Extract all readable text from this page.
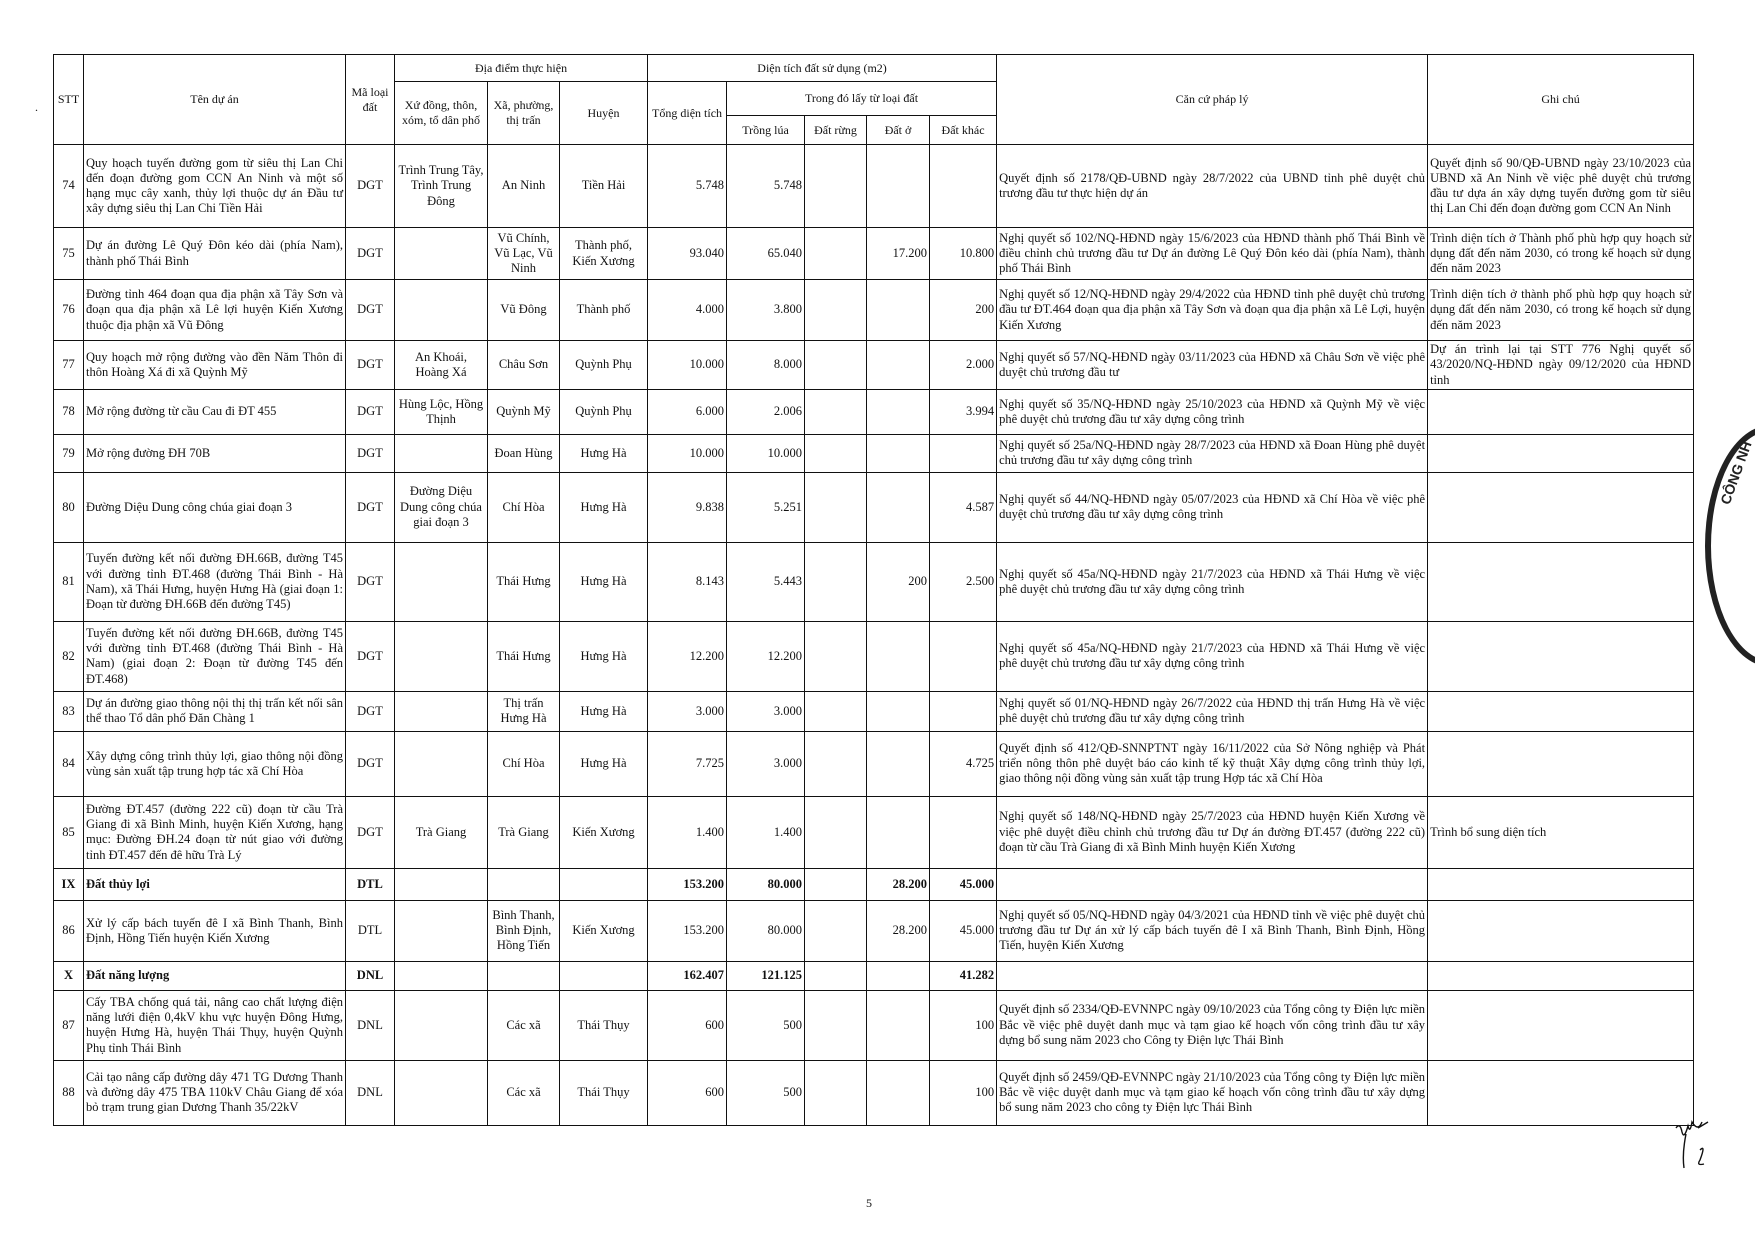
.
STT	Tên dự án	Mã loại đất	Địa điểm thực hiện			Diện tích đất sử dụng (m2)					Căn cứ pháp lý	Ghi chú
			Xứ đồng, thôn, xóm, tổ dân phố	Xã, phường, thị trấn	Huyện	Tổng diện tích	Trong đó lấy từ loại đất					
							Trồng lúa	Đất rừng	Đất ở	Đất khác		
74	Quy hoạch tuyến đường gom từ siêu thị Lan Chi đến đoạn đường gom CCN An Ninh và một số hạng mục cây xanh, thủy lợi thuộc dự án Đầu tư xây dựng siêu thị Lan Chi Tiền Hải	DGT	Trình Trung Tây, Trình Trung Đông	An Ninh	Tiền Hải	5.748	5.748				Quyết định số 2178/QĐ-UBND ngày 28/7/2022 của UBND tỉnh phê duyệt chủ trương đầu tư thực hiện dự án	Quyết định số 90/QĐ-UBND ngày 23/10/2023 của UBND xã An Ninh về việc phê duyệt chủ trương đầu tư dựa án xây dựng tuyến đường gom từ siêu thị Lan Chi đến đoạn đường gom CCN An Ninh
75	Dự án đường Lê Quý Đôn kéo dài (phía Nam), thành phố Thái Bình	DGT		Vũ Chính, Vũ Lạc, Vũ Ninh	Thành phố, Kiến Xương	93.040	65.040		17.200	10.800	Nghị quyết số 102/NQ-HĐND ngày 15/6/2023 của HĐND thành phố Thái Bình về điều chỉnh chủ trương đầu tư Dự án đường Lê Quý Đôn kéo dài (phía Nam), thành phố Thái Bình	Trình diện tích ở Thành phố phù hợp quy hoạch sử dụng đất đến năm 2030, có trong kế hoạch sử dụng đến năm 2023
76	Đường tỉnh 464 đoạn qua địa phận xã Tây Sơn và đoạn qua địa phận xã Lê lợi huyện Kiến Xương thuộc địa phận xã Vũ Đông	DGT		Vũ Đông	Thành phố	4.000	3.800			200	Nghị quyết số 12/NQ-HĐND ngày 29/4/2022 của HĐND tỉnh phê duyệt chủ trương đầu tư ĐT.464 đoạn qua địa phận xã Tây Sơn và đoạn qua địa phận xã Lê Lợi, huyện Kiến Xương	Trình diện tích ở thành phố phù hợp quy hoạch sử dụng đất đến năm 2030, có trong kế hoạch sử dụng đến năm 2023
77	Quy hoạch mở rộng đường vào đền Năm Thôn đi thôn Hoàng Xá đi xã Quỳnh Mỹ	DGT	An Khoái, Hoàng Xá	Châu Sơn	Quỳnh Phụ	10.000	8.000			2.000	Nghị quyết số 57/NQ-HĐND ngày 03/11/2023 của HĐND xã Châu Sơn về việc phê duyệt chủ trương đầu tư	Dự án trình lại tại STT 776 Nghị quyết số 43/2020/NQ-HĐND ngày 09/12/2020 của HĐND tỉnh
78	Mở rộng đường từ cầu Cau đi ĐT 455	DGT	Hùng Lộc, Hồng Thịnh	Quỳnh Mỹ	Quỳnh Phụ	6.000	2.006			3.994	Nghị quyết số 35/NQ-HĐND ngày 25/10/2023 của HĐND xã Quỳnh Mỹ về việc phê duyệt chủ trương đầu tư xây dựng công trình	
79	Mở rộng đường ĐH 70B	DGT		Đoan Hùng	Hưng Hà	10.000	10.000				Nghị quyết số 25a/NQ-HĐND ngày 28/7/2023 của HĐND xã Đoan Hùng phê duyệt chủ trương đầu tư xây dựng công trình	
80	Đường Diệu Dung công chúa giai đoạn 3	DGT	Đường Diệu Dung công chúa giai đoạn 3	Chí Hòa	Hưng Hà	9.838	5.251			4.587	Nghị quyết số 44/NQ-HĐND ngày 05/07/2023 của HĐND xã Chí Hòa về việc phê duyệt chủ trương đầu tư xây dựng công trình	
81	Tuyến đường kết nối đường ĐH.66B, đường T45 với đường tỉnh ĐT.468 (đường Thái Bình - Hà Nam), xã Thái Hưng, huyện Hưng Hà (giai đoạn 1: Đoạn từ đường ĐH.66B đến đường T45)	DGT		Thái Hưng	Hưng Hà	8.143	5.443		200	2.500	Nghị quyết số 45a/NQ-HĐND ngày 21/7/2023 của HĐND xã Thái Hưng về việc phê duyệt chủ trương đầu tư xây dựng công trình	
82	Tuyến đường kết nối đường ĐH.66B, đường T45 với đường tỉnh ĐT.468 (đường Thái Bình - Hà Nam) (giai đoạn 2: Đoạn từ đường T45 đến ĐT.468)	DGT		Thái Hưng	Hưng Hà	12.200	12.200				Nghị quyết số 45a/NQ-HĐND ngày 21/7/2023 của HĐND xã Thái Hưng về việc phê duyệt chủ trương đầu tư xây dựng công trình	
83	Dự án đường giao thông nội thị thị trấn kết nối sân thể thao Tổ dân phố Đăn Chàng 1	DGT		Thị trấn Hưng Hà	Hưng Hà	3.000	3.000				Nghị quyết số 01/NQ-HĐND ngày 26/7/2022 của HĐND thị trấn Hưng Hà về việc phê duyệt chủ trương đầu tư xây dựng công trình	
84	Xây dựng công trình thủy lợi, giao thông nội đồng vùng sản xuất tập trung hợp tác xã Chí Hòa	DGT		Chí Hòa	Hưng Hà	7.725	3.000			4.725	Quyết định số 412/QĐ-SNNPTNT ngày 16/11/2022 của Sở Nông nghiệp và Phát triển nông thôn phê duyệt báo cáo kinh tế kỹ thuật Xây dựng công trình thủy lợi, giao thông nội đồng vùng sản xuất tập trung Hợp tác xã Chí Hòa	
85	Đường ĐT.457 (đường 222 cũ) đoạn từ cầu Trà Giang đi xã Bình Minh, huyện Kiến Xương, hạng mục: Đường ĐH.24 đoạn từ nút giao với đường tỉnh ĐT.457 đến đê hữu Trà Lý	DGT	Trà Giang	Trà Giang	Kiến Xương	1.400	1.400				Nghị quyết số 148/NQ-HĐND ngày 25/7/2023 của HĐND huyện Kiến Xương về việc phê duyệt điều chỉnh chủ trương đầu tư Dự án đường ĐT.457 (đường 222 cũ) đoạn từ cầu Trà Giang đi xã Bình Minh huyện Kiến Xương	Trình bổ sung diện tích
IX	Đất thủy lợi	DTL				153.200	80.000		28.200	45.000		
86	Xử lý cấp bách tuyến đê I xã Bình Thanh, Bình Định, Hồng Tiến huyện Kiến Xương	DTL		Bình Thanh, Bình Định, Hồng Tiến	Kiến Xương	153.200	80.000		28.200	45.000	Nghị quyết số 05/NQ-HĐND ngày 04/3/2021 của HĐND tỉnh về việc phê duyệt chủ trương đầu tư Dự án xử lý cấp bách tuyến đê I xã Bình Thanh, Bình Định, Hồng Tiến, huyện Kiến Xương	
X	Đất năng lượng	DNL				162.407	121.125			41.282		
87	Cấy TBA chống quá tải, nâng cao chất lượng điện năng lưới điện 0,4kV khu vực huyện Đông Hưng, huyện Hưng Hà, huyện Thái Thụy, huyện Quỳnh Phụ tỉnh Thái Bình	DNL		Các xã	Thái Thụy	600	500			100	Quyết định số 2334/QĐ-EVNNPC ngày 09/10/2023 của Tổng công ty Điện lực miền Bắc về việc phê duyệt danh mục và tạm giao kế hoạch vốn công trình đầu tư xây dựng bổ sung năm 2023 cho Công ty Điện lực Thái Bình	
88	Cải tạo nâng cấp đường dây 471 TG Dương Thanh và đường dây 475 TBA 110kV Châu Giang để xóa bỏ trạm trung gian Dương Thanh 35/22kV	DNL		Các xã	Thái Thụy	600	500			100	Quyết định số 2459/QĐ-EVNNPC ngày 21/10/2023 của Tổng công ty Điện lực miền Bắc về việc duyệt danh mục và tạm giao kế hoạch vốn công trình đầu tư xây dựng bổ sung năm 2023 cho công ty Điện lực Thái Bình	
CÔNG NH
5
